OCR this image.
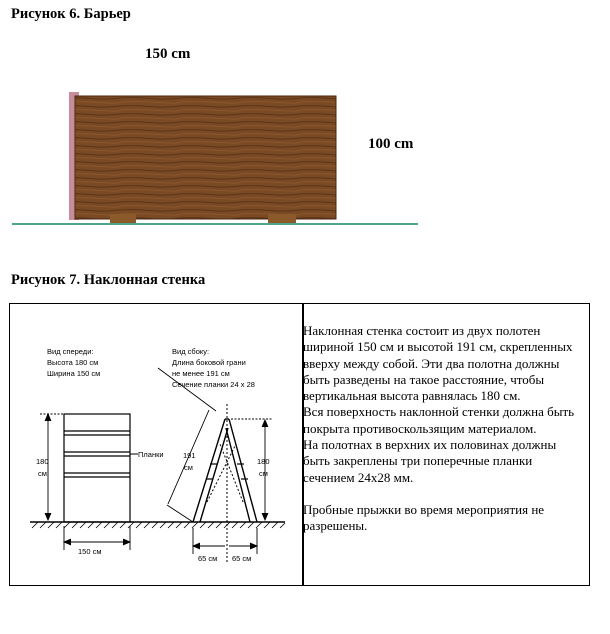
Рисунок 6. Барьер
150 cm
100 cm
Рисунок 7. Наклонная стенка
Вид спереди:
Высота 180 см
Ширина 150 см
Вид сбоку:
Длина боковой грани
не менее 191 см
Сечение планки 24 х 28
Планки
180
см
150 см
191
см
180
см
65 см 65 см

Наклонная стенка состоит из двух полотен шириной 150 см и высотой 191 см, скрепленных вверху между собой. Эти два полотна должны быть разведены на такое расстояние, чтобы вертикальная высота равнялась 180 см.

Вся поверхность наклонной стенки должна быть покрыта противоскользящим материалом.

На полотнах в верхних их половинах должны быть закреплены три поперечные планки сечением 24х28 мм.

Пробные прыжки во время мероприятия не разрешены.
